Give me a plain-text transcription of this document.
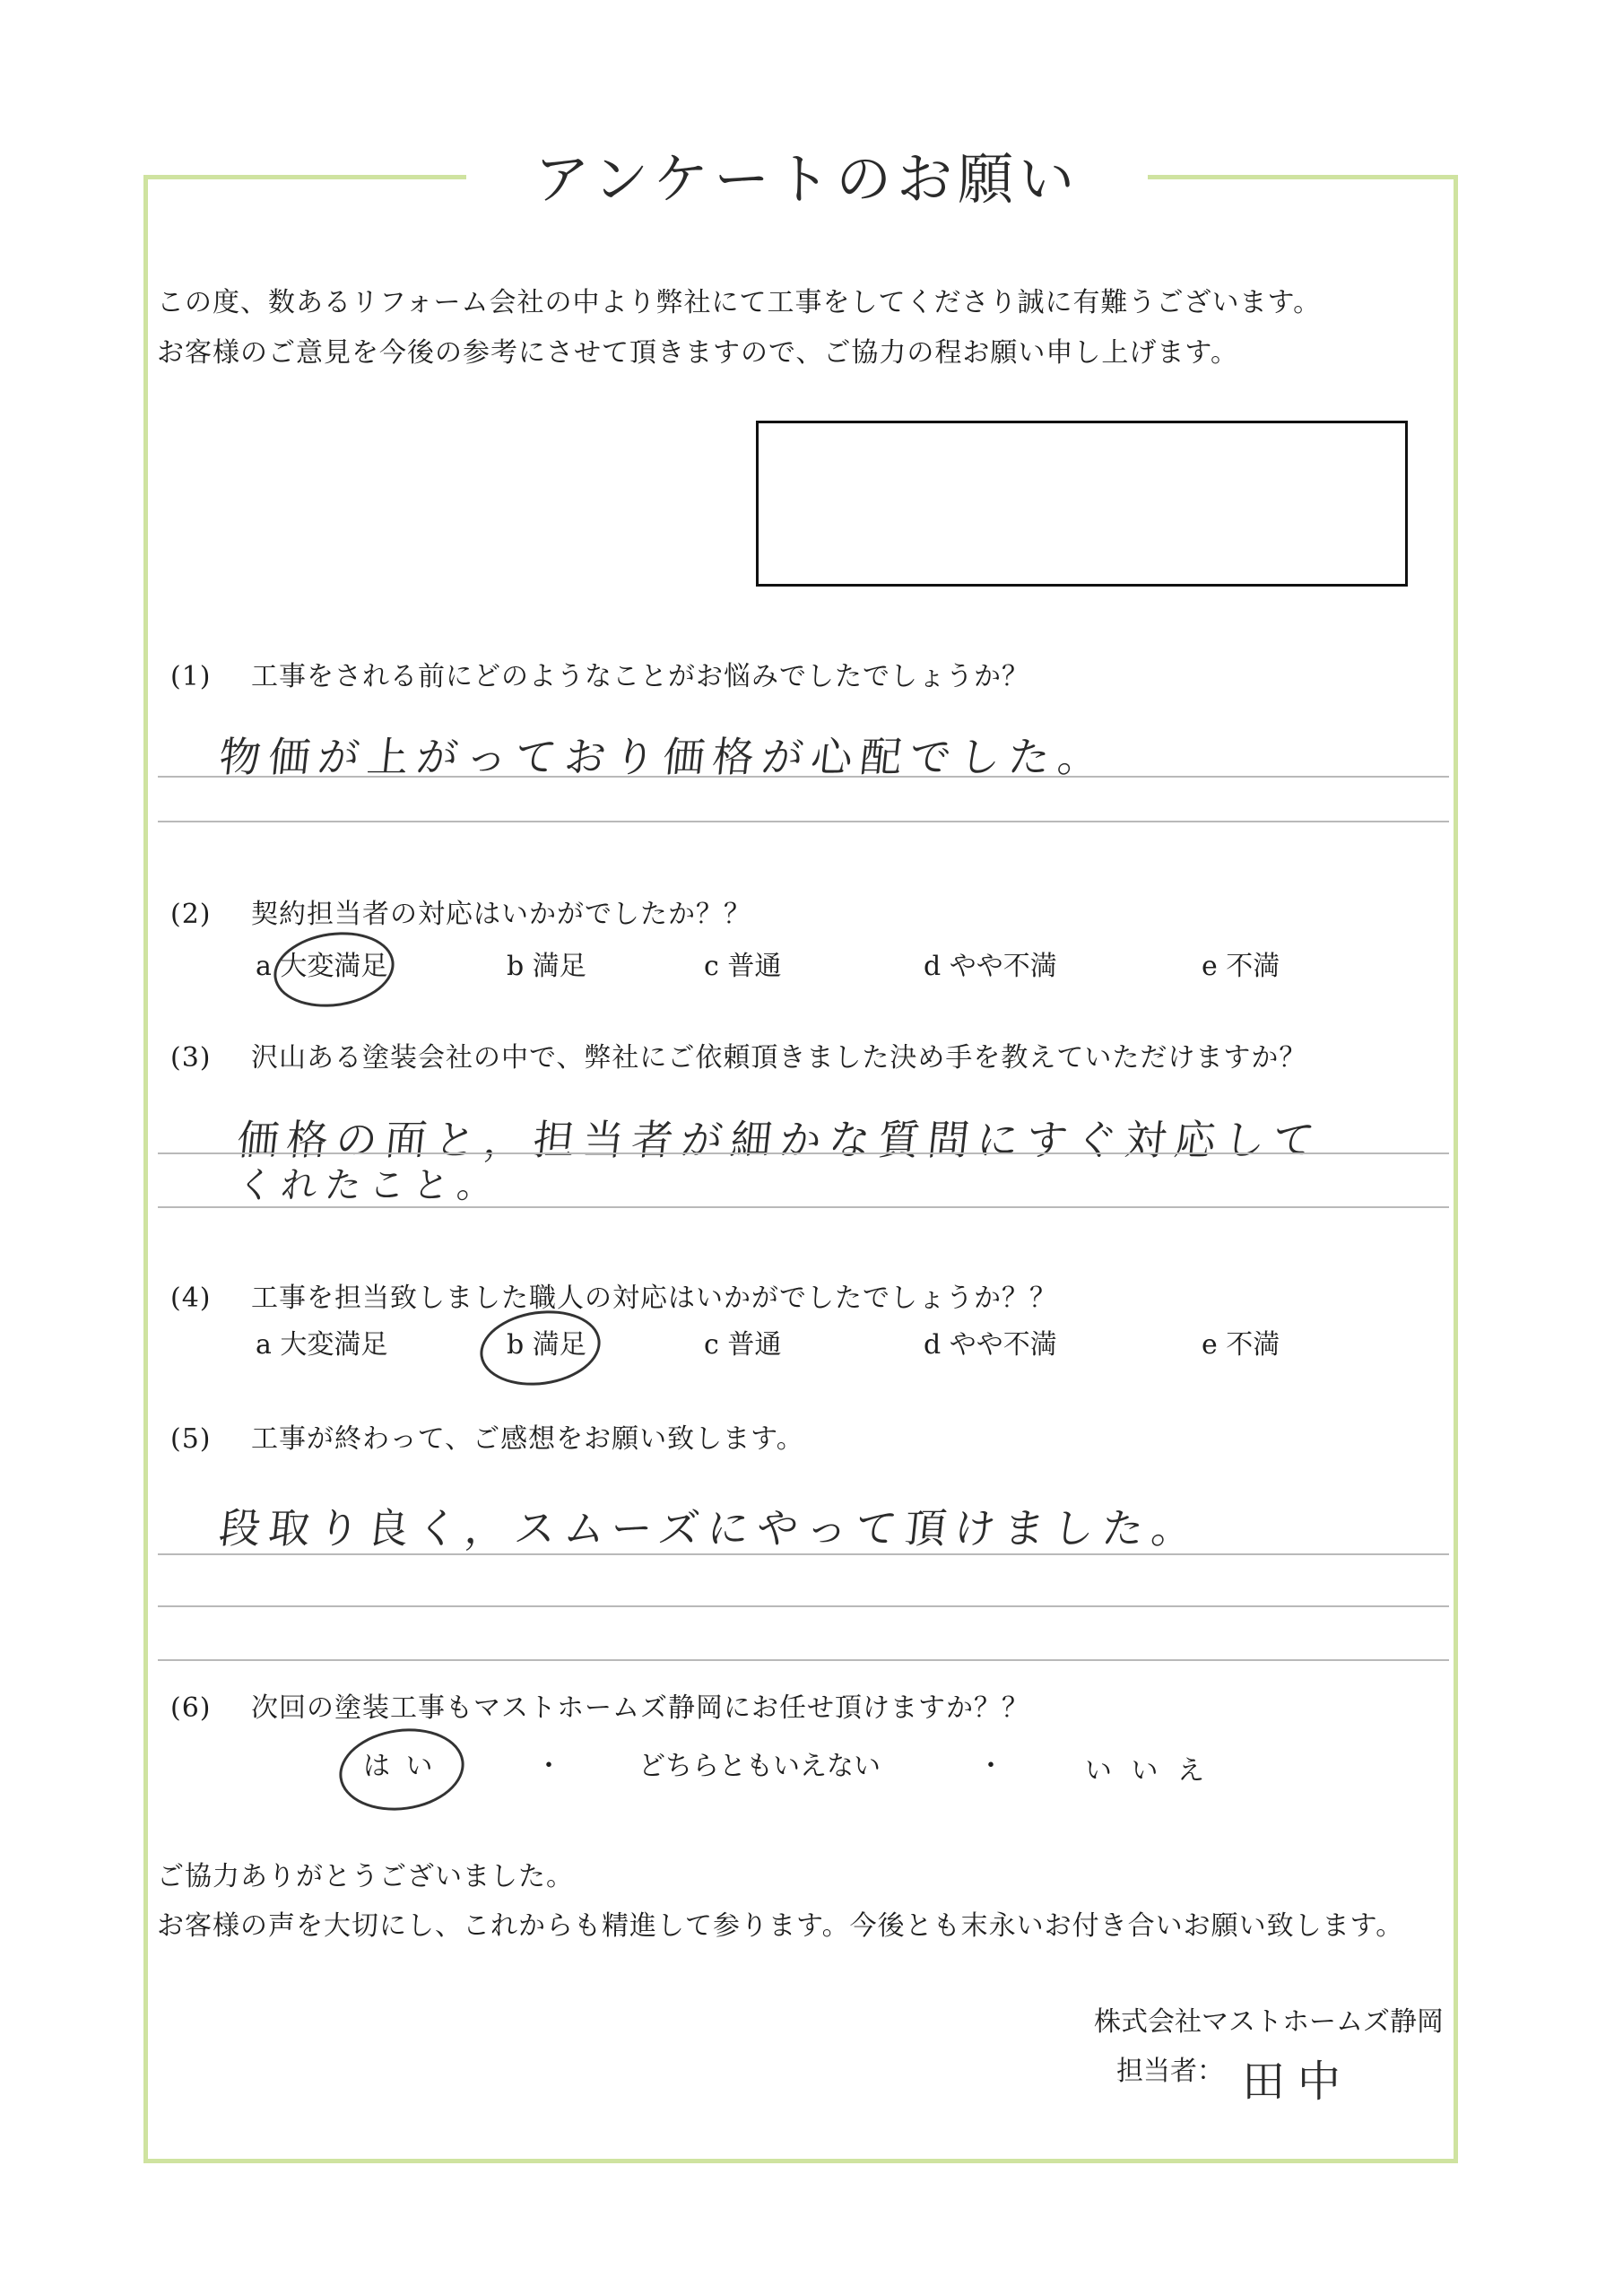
アンケートのお願い
この度、数あるリフォーム会社の中より弊社にて工事をしてくださり誠に有難うございます。
お客様のご意見を今後の参考にさせて頂きますので、ご協力の程お願い申し上げます。
(1) 工事をされる前にどのようなことがお悩みでしたでしょうか？
物価が上がっており価格が心配でした。
(2) 契約担当者の対応はいかがでしたか？？
a 大変満足	b 満足	c 普通	d やや不満	e 不満
(3) 沢山ある塗装会社の中で、弊社にご依頼頂きました決め手を教えていただけますか？
価格の面と，担当者が細かな質問にすぐ対応して
くれたこと。
(4) 工事を担当致しました職人の対応はいかがでしたでしょうか？？
a 大変満足	b 満足	c 普通	d やや不満	e 不満
(5) 工事が終わって、ご感想をお願い致します。
段取り良く，スムーズにやって頂けました。
(6) 次回の塗装工事もマストホームズ静岡にお任せ頂けますか？？
は い	・	どちらともいえない	・	い い え
ご協力ありがとうございました。
お客様の声を大切にし、これからも精進して参ります。今後とも末永いお付き合いお願い致します。
株式会社マストホームズ静岡
担当者： 田中
